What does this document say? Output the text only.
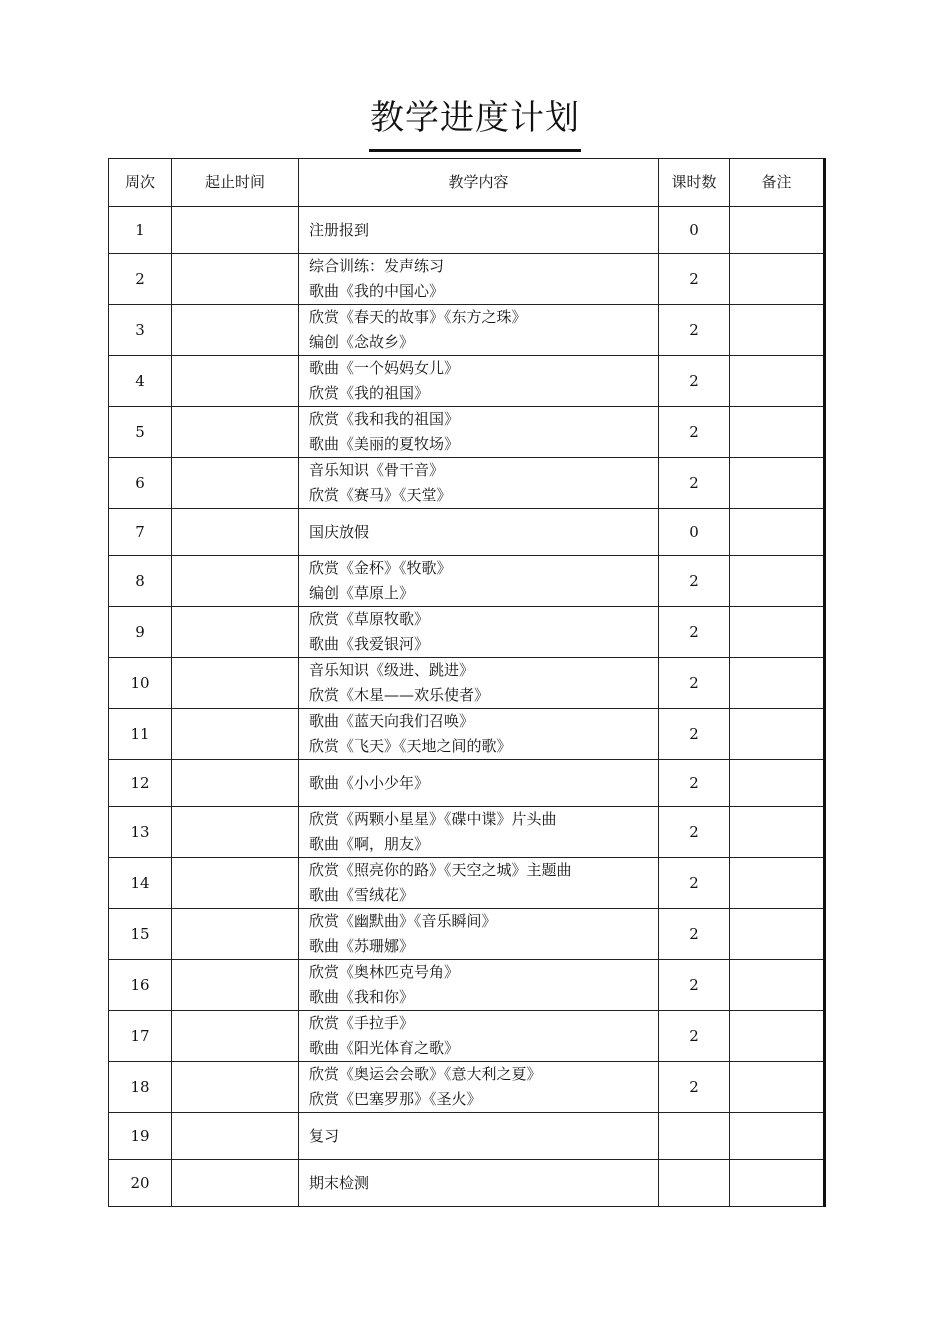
教学进度计划
周次	起止时间	教学内容	课时数	备注
1		注册报到	0	
2		综合训练：发声练习
歌曲《我的中国心》	2	
3		欣赏《春天的故事》《东方之珠》
编创《念故乡》	2	
4		歌曲《一个妈妈女儿》
欣赏《我的祖国》	2	
5		欣赏《我和我的祖国》
歌曲《美丽的夏牧场》	2	
6		音乐知识《骨干音》
欣赏《赛马》《天堂》	2	
7		国庆放假	0	
8		欣赏《金杯》《牧歌》
编创《草原上》	2	
9		欣赏《草原牧歌》
歌曲《我爱银河》	2	
10		音乐知识《级进、跳进》
欣赏《木星——欢乐使者》	2	
11		歌曲《蓝天向我们召唤》
欣赏《飞天》《天地之间的歌》	2	
12		歌曲《小小少年》	2	
13		欣赏《两颗小星星》《碟中谍》片头曲
歌曲《啊，朋友》	2	
14		欣赏《照亮你的路》《天空之城》主题曲
歌曲《雪绒花》	2	
15		欣赏《幽默曲》《音乐瞬间》
歌曲《苏珊娜》	2	
16		欣赏《奥林匹克号角》
歌曲《我和你》	2	
17		欣赏《手拉手》
歌曲《阳光体育之歌》	2	
18		欣赏《奥运会会歌》《意大利之夏》
欣赏《巴塞罗那》《圣火》	2	
19		复习		

20		期末检测		
